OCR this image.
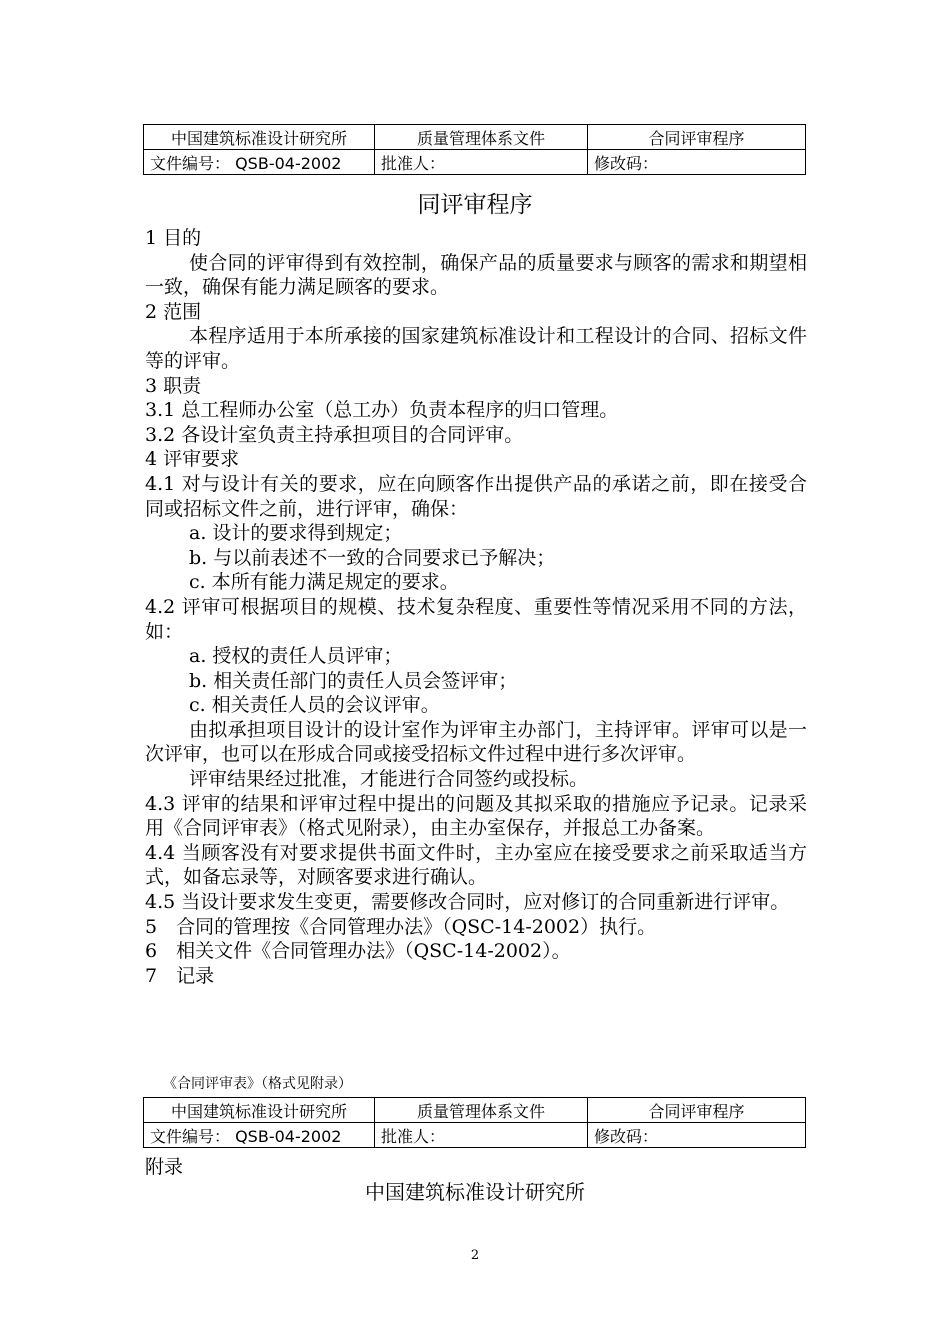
中国建筑标准设计研究所	质量管理体系文件	合同评审程序
文件编号： QSB-04-2002	批准人：	修改码：
同评审程序

1 目的

使合同的评审得到有效控制，确保产品的质量要求与顾客的需求和期望相一致，确保有能力满足顾客的要求。

2 范围

本程序适用于本所承接的国家建筑标准设计和工程设计的合同、招标文件等的评审。

3 职责

3.1 总工程师办公室（总工办）负责本程序的归口管理。

3.2 各设计室负责主持承担项目的合同评审。

4 评审要求

4.1 对与设计有关的要求，应在向顾客作出提供产品的承诺之前，即在接受合同或招标文件之前，进行评审，确保：

a. 设计的要求得到规定；

b. 与以前表述不一致的合同要求已予解决；

c. 本所有能力满足规定的要求。

4.2 评审可根据项目的规模、技术复杂程度、重要性等情况采用不同的方法，如：

a. 授权的责任人员评审；

b. 相关责任部门的责任人员会签评审；

c. 相关责任人员的会议评审。

由拟承担项目设计的设计室作为评审主办部门，主持评审。评审可以是一次评审，也可以在形成合同或接受招标文件过程中进行多次评审。

评审结果经过批准，才能进行合同签约或投标。

4.3 评审的结果和评审过程中提出的问题及其拟采取的措施应予记录。记录采用《合同评审表》（格式见附录），由主办室保存，并报总工办备案。

4.4 当顾客没有对要求提供书面文件时，主办室应在接受要求之前采取适当方式，如备忘录等，对顾客要求进行确认。

4.5 当设计要求发生变更，需要修改合同时，应对修订的合同重新进行评审。

5　合同的管理按《合同管理办法》（QSC-14-2002）执行。

6　相关文件《合同管理办法》（QSC-14-2002）。

7　记录

《合同评审表》（格式见附录）
中国建筑标准设计研究所	质量管理体系文件	合同评审程序
文件编号： QSB-04-2002	批准人：	修改码：
附录
中国建筑标准设计研究所
2
